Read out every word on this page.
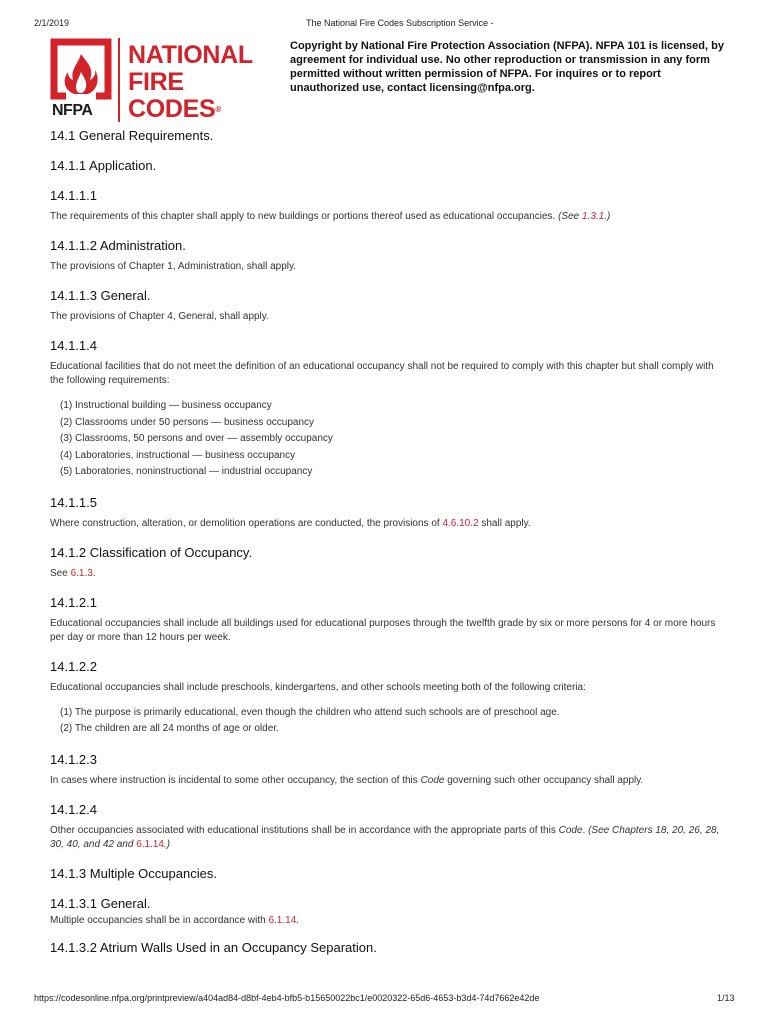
2/1/2019	The National Fire Codes Subscription Service -
NFPA
NATIONAL
FIRE CODES®
Copyright by National Fire Protection Association (NFPA). NFPA 101 is licensed, by agreement for individual use. No other reproduction or transmission in any form permitted without written permission of NFPA. For inquires or to report unauthorized use, contact licensing@nfpa.org.
14.1 General Requirements.
14.1.1 Application.
14.1.1.1

The requirements of this chapter shall apply to new buildings or portions thereof used as educational occupancies. (See 1.3.1.)

14.1.1.2 Administration.

The provisions of Chapter 1, Administration, shall apply.

14.1.1.3 General.

The provisions of Chapter 4, General, shall apply.

14.1.1.4

Educational facilities that do not meet the definition of an educational occupancy shall not be required to comply with this chapter but shall comply with the following requirements:

(1) Instructional building — business occupancy
(2) Classrooms under 50 persons — business occupancy
(3) Classrooms, 50 persons and over — assembly occupancy
(4) Laboratories, instructional — business occupancy
(5) Laboratories, noninstructional — industrial occupancy
14.1.1.5

Where construction, alteration, or demolition operations are conducted, the provisions of 4.6.10.2 shall apply.

14.1.2 Classification of Occupancy.

See 6.1.3.

14.1.2.1

Educational occupancies shall include all buildings used for educational purposes through the twelfth grade by six or more persons for 4 or more hours per day or more than 12 hours per week.

14.1.2.2

Educational occupancies shall include preschools, kindergartens, and other schools meeting both of the following criteria:

(1) The purpose is primarily educational, even though the children who attend such schools are of preschool age.
(2) The children are all 24 months of age or older.
14.1.2.3

In cases where instruction is incidental to some other occupancy, the section of this Code governing such other occupancy shall apply.

14.1.2.4

Other occupancies associated with educational institutions shall be in accordance with the appropriate parts of this Code. (See Chapters 18, 20, 26, 28, 30, 40, and 42 and 6.1.14.)

14.1.3 Multiple Occupancies.
14.1.3.1 General.

Multiple occupancies shall be in accordance with 6.1.14.

14.1.3.2 Atrium Walls Used in an Occupancy Separation.
https://codesonline.nfpa.org/printpreview/a404ad84-d8bf-4eb4-bfb5-b15650022bc1/e0020322-65d6-4653-b3d4-74d7662e42de	1/13
